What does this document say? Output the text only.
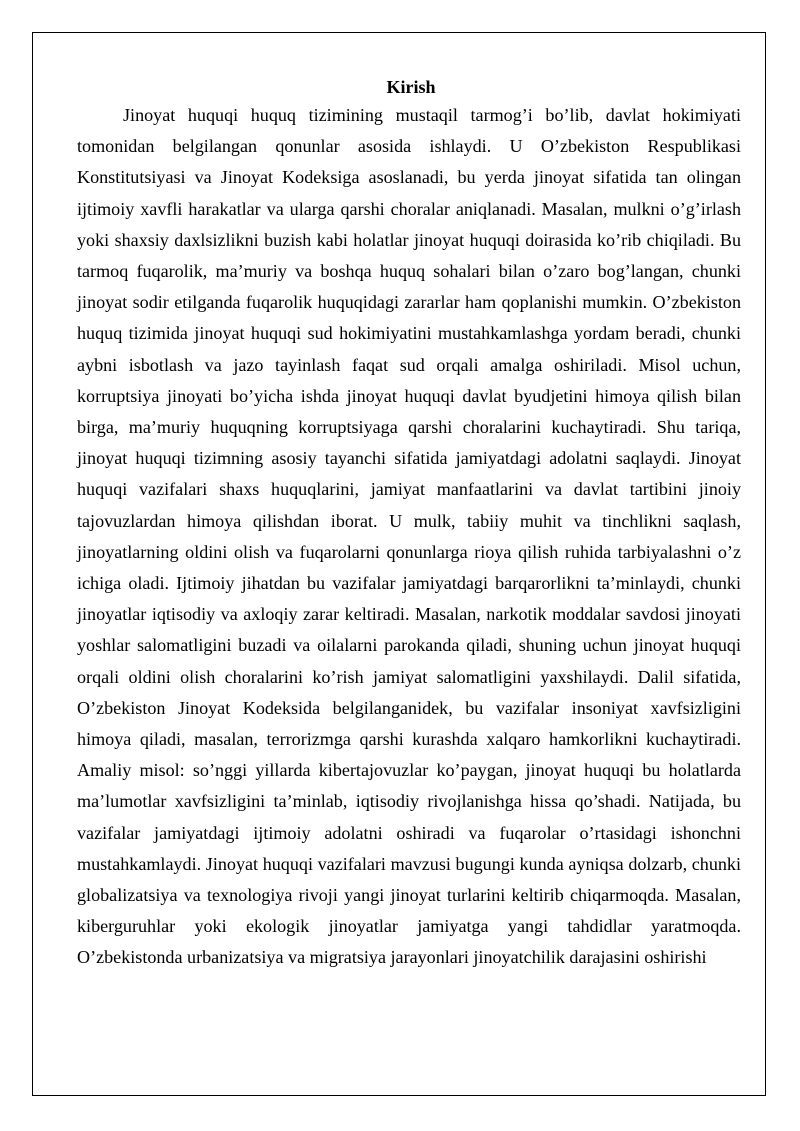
Kirish

Jinoyat huquqi huquq tizimining mustaqil tarmog’i bo’lib, davlat hokimiyati tomonidan belgilangan qonunlar asosida ishlaydi. U O’zbekiston Respublikasi Konstitutsiyasi va Jinoyat Kodeksiga asoslanadi, bu yerda jinoyat sifatida tan olingan ijtimoiy xavfli harakatlar va ularga qarshi choralar aniqlanadi. Masalan, mulkni o’g’irlash yoki shaxsiy daxlsizlikni buzish kabi holatlar jinoyat huquqi doirasida ko’rib chiqiladi. Bu tarmoq fuqarolik, ma’muriy va boshqa huquq sohalari bilan o’zaro bog’langan, chunki jinoyat sodir etilganda fuqarolik huquqidagi zararlar ham qoplanishi mumkin. O’zbekiston huquq tizimida jinoyat huquqi sud hokimiyatini mustahkamlashga yordam beradi, chunki aybni isbotlash va jazo tayinlash faqat sud orqali amalga oshiriladi. Misol uchun, korruptsiya jinoyati bo’yicha ishda jinoyat huquqi davlat byudjetini himoya qilish bilan birga, ma’muriy huquqning korruptsiyaga qarshi choralarini kuchaytiradi. Shu tariqa, jinoyat huquqi tizimning asosiy tayanchi sifatida jamiyatdagi adolatni saqlaydi. Jinoyat huquqi vazifalari shaxs huquqlarini, jamiyat manfaatlarini va davlat tartibini jinoiy tajovuzlardan himoya qilishdan iborat. U mulk, tabiiy muhit va tinchlikni saqlash, jinoyatlarning oldini olish va fuqarolarni qonunlarga rioya qilish ruhida tarbiyalashni o’z ichiga oladi. Ijtimoiy jihatdan bu vazifalar jamiyatdagi barqarorlikni ta’minlaydi, chunki jinoyatlar iqtisodiy va axloqiy zarar keltiradi. Masalan, narkotik moddalar savdosi jinoyati yoshlar salomatligini buzadi va oilalarni parokanda qiladi, shuning uchun jinoyat huquqi orqali oldini olish choralarini ko’rish jamiyat salomatligini yaxshilaydi. Dalil sifatida, O’zbekiston Jinoyat Kodeksida belgilanganidek, bu vazifalar insoniyat xavfsizligini himoya qiladi, masalan, terrorizmga qarshi kurashda xalqaro hamkorlikni kuchaytiradi. Amaliy misol: so’nggi yillarda kibertajovuzlar ko’paygan, jinoyat huquqi bu holatlarda ma’lumotlar xavfsizligini ta’minlab, iqtisodiy rivojlanishga hissa qo’shadi. Natijada, bu vazifalar jamiyatdagi ijtimoiy adolatni oshiradi va fuqarolar o’rtasidagi ishonchni mustahkamlaydi. Jinoyat huquqi vazifalari mavzusi bugungi kunda ayniqsa dolzarb, chunki globalizatsiya va texnologiya rivoji yangi jinoyat turlarini keltirib chiqarmoqda. Masalan, kiberguruhlar yoki ekologik jinoyatlar jamiyatga yangi tahdidlar yaratmoqda. O’zbekistonda urbanizatsiya va migratsiya jarayonlari jinoyatchilik darajasini oshirishi
